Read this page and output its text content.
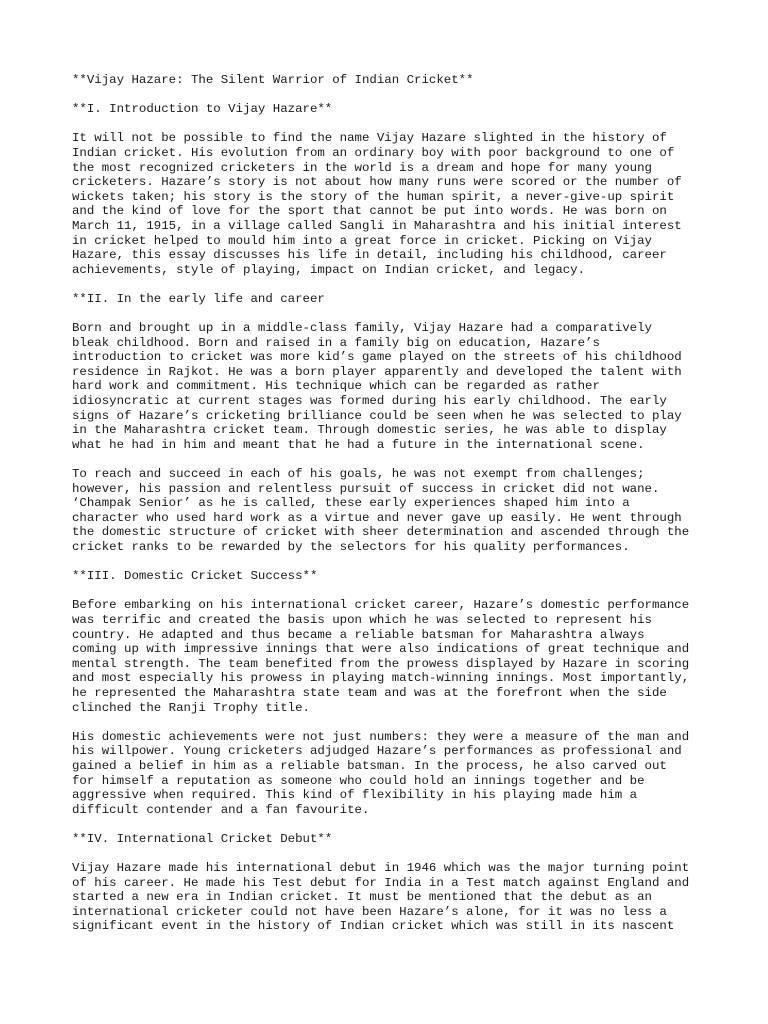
**Vijay Hazare: The Silent Warrior of Indian Cricket**
**I. Introduction to Vijay Hazare**
It will not be possible to find the name Vijay Hazare slighted in the history of
Indian cricket. His evolution from an ordinary boy with poor background to one of
the most recognized cricketers in the world is a dream and hope for many young
cricketers. Hazare’s story is not about how many runs were scored or the number of
wickets taken; his story is the story of the human spirit, a never-give-up spirit
and the kind of love for the sport that cannot be put into words. He was born on
March 11, 1915, in a village called Sangli in Maharashtra and his initial interest
in cricket helped to mould him into a great force in cricket. Picking on Vijay
Hazare, this essay discusses his life in detail, including his childhood, career
achievements, style of playing, impact on Indian cricket, and legacy.
**II. In the early life and career
Born and brought up in a middle-class family, Vijay Hazare had a comparatively
bleak childhood. Born and raised in a family big on education, Hazare’s
introduction to cricket was more kid’s game played on the streets of his childhood
residence in Rajkot. He was a born player apparently and developed the talent with
hard work and commitment. His technique which can be regarded as rather
idiosyncratic at current stages was formed during his early childhood. The early
signs of Hazare’s cricketing brilliance could be seen when he was selected to play
in the Maharashtra cricket team. Through domestic series, he was able to display
what he had in him and meant that he had a future in the international scene.
To reach and succeed in each of his goals, he was not exempt from challenges;
however, his passion and relentless pursuit of success in cricket did not wane.
‘Champak Senior’ as he is called, these early experiences shaped him into a
character who used hard work as a virtue and never gave up easily. He went through
the domestic structure of cricket with sheer determination and ascended through the
cricket ranks to be rewarded by the selectors for his quality performances.
**III. Domestic Cricket Success**
Before embarking on his international cricket career, Hazare’s domestic performance
was terrific and created the basis upon which he was selected to represent his
country. He adapted and thus became a reliable batsman for Maharashtra always
coming up with impressive innings that were also indications of great technique and
mental strength. The team benefited from the prowess displayed by Hazare in scoring
and most especially his prowess in playing match-winning innings. Most importantly,
he represented the Maharashtra state team and was at the forefront when the side
clinched the Ranji Trophy title.
His domestic achievements were not just numbers: they were a measure of the man and
his willpower. Young cricketers adjudged Hazare’s performances as professional and
gained a belief in him as a reliable batsman. In the process, he also carved out
for himself a reputation as someone who could hold an innings together and be
aggressive when required. This kind of flexibility in his playing made him a
difficult contender and a fan favourite.
**IV. International Cricket Debut**
Vijay Hazare made his international debut in 1946 which was the major turning point
of his career. He made his Test debut for India in a Test match against England and
started a new era in Indian cricket. It must be mentioned that the debut as an
international cricketer could not have been Hazare’s alone, for it was no less a
significant event in the history of Indian cricket which was still in its nascent
